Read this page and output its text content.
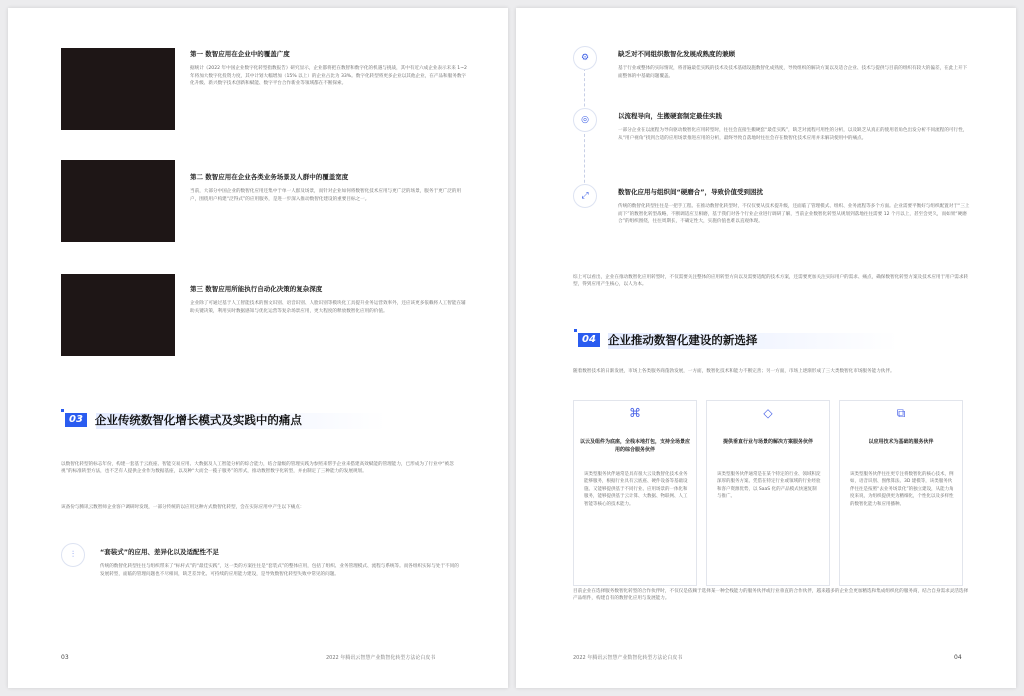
第一 数智应用在企业中的覆盖广度
据统计《2022 年中国企业数字化转型指数报告》研究显示，企业都将把在数智和数字化的机遇与挑战，其中有近六成企业表示未来 1~2 年将加大数字化投资力度，其中计划大幅增加（15% 以上）的企业占比为 33%。数字化转型将更多企业以其他企业，在产品和服务数字化升级、新兴数字技术创新和赋能、数字平台合作新业等领域都在不断探索。
第二 数智应用在企业各类业务场景及人群中的覆盖宽度
当前，大部分中国企业的数智化应用还集中于单一人群及场景，而针对企业如何将数智化技术应用与更广泛的场景，服务于更广泛的用户，围绕用户构建“泛得式”的应用服务，是进一步深入推动数智化建设的重要目标之一。
第三 数智应用所能执行自动化决策的复杂深度
企业除了可通过基于人工智能技术的图文识别、语音识别、人脸识别等模块化工具提升业务运营效率外，还应该更多依赖将人工智能在辅助关键决策，利用实时数据感知与优化运营等复杂场景应用，更大程度的释放数智化应用的价值。
03	企业传统数智化增长模式及实践中的痛点
以数智化转型的标志年份，构建一套基于云底座、智能交易应用、大数据及人工智能分析的综合能力，结合量级的管理实践为参照来帮手企业来搭建高效赋能的管理能力，已形成为了行业中“被忽视”的标准转型方法，也不乏有人提供企业作为数据基座，以及种“大而全一揽子服务”的形式，推动数智数字化转型，并由制定了三种能力的发展规划。
该备份与腾讯云数智师企业客户调研时发现，一部分传统的以应用这种方式数智化转型，会在实际应用中产生以下痛点：
⫶	“套装式”的应用、差异化以及适配性不足
传统的数智化转型往往与组织带来了“标杆式”的“最佳实践”，这一类的方案往往是“套装式”的整体应用，包括了组织、业务管理模式、流程与系统等。而各组织实际与处于不同的发展转型，面临的管理问题也不尽相同，缺乏差异化、可持续的应用能力建设，是导致数智化转型失败中常见的问题。
03	2022 年腾讯云智慧产业数智化转型方法论白皮书
⚙	缺乏对不同组织数智化发展成熟度的兼顾
基于行业或整体的实际情况，将普遍最佳实践的技术及技术基础设施数智化成熟度，导致组织的解决方案以及适合企业、技术与提供与目前的组织有较大的偏差，在此上开下面整体的中基础问题覆盖。
◎	以流程导向，生搬硬套制定最佳实践
一部分企业在以流程为导向驱动数智化应用转型时，往往会直接生搬硬套“最佳实践”，缺乏对流程可用性的分析，以及缺乏从真正的使用者角色出发分析不同流程的可行性，从“用户视角”找到合适的应用场景推进应用的分析，最终导致自落地时往往会存在数智化技术应用并未解决使用中的痛点。
⤢	数智化应用与组织间“硬磨合”，导致价值受到困扰
传统的数智化转型往往是一把手工程。在推动数智化转型时，不仅仅要从技术提升级，还面临了管理模式、组织、业务流程等多个方面。企业需要平衡好与组织配置对于“三上而下”的数智化转型战略，不断调适应互相磨，基于我们对各个行业企业进行调研了解，当前企业数智化转型从规划到落地往往需要 12 个月以上，甚至会更久，而如果“硬磨合”的组织围绕，往往周期长，不确定性大，实施价值也难以直观体现。
综上可以看出，企业在推动数智化应用转型时，不仅需要关注整体的应用转型方向以及需要适配的技术方案，还需要更加关注实际用户的需求、痛点，确保数智化转型方案及技术应用于用户需求转型，得到应用产生核心，以人为本。
04	企业推动数智化建设的新选择
随着数智技术的日渐发展，市场上各类服务商蓬勃发展，一方面，数智化技术和能力不断完善；另一方面，市场上逐渐形成了三大类数智化市场服务能力伙伴。
⌘
以云及组件为底座，全栈本地打包，支持全场景应用的综合服务伙伴
该类型服务伙伴通常是具有很大云及数智化技术业务能够服务，根据行业具有云底座、硬件设备等基础设施、又能够提供基于不同行业、应用场景的一体化和服务，能够提供基于云计算、大数据、物联网、人工智能等核心的技术能力。
◇
提供垂直行业与场景的解决方案服务伙伴
该类型服务伙伴通常是在某个特定的行业、领域积淀深厚的服务方案、凭借在特定行业或领域的行业经验和客户资源优势，以 SaaS 化的产品模式快速复制与推广。
⧉
以应用技术为基础的服务伙伴
该类型服务伙伴往往更专注将数智化的核心技术，例如，语音识别、图像算法、3D 建模等，该类服务伙伴往往是按照“去业务场景化”的独立建设，从能力角度来说，为组织提供更为精细化，个性化以及多样性的数智化能力和应用播种。
目前企业在选择服务数智化转型的合作伙伴时，不仅仅是依赖于选择某一种全栈能力的服务伙伴或行业垂直的合作伙伴，越来越多的企业会更加精选和集成组织化的服务商，结合自身需求灵活选择产品组件，构建自有的数智化应用与发展能力。
2022 年腾讯云智慧产业数智化转型方法论白皮书	04
